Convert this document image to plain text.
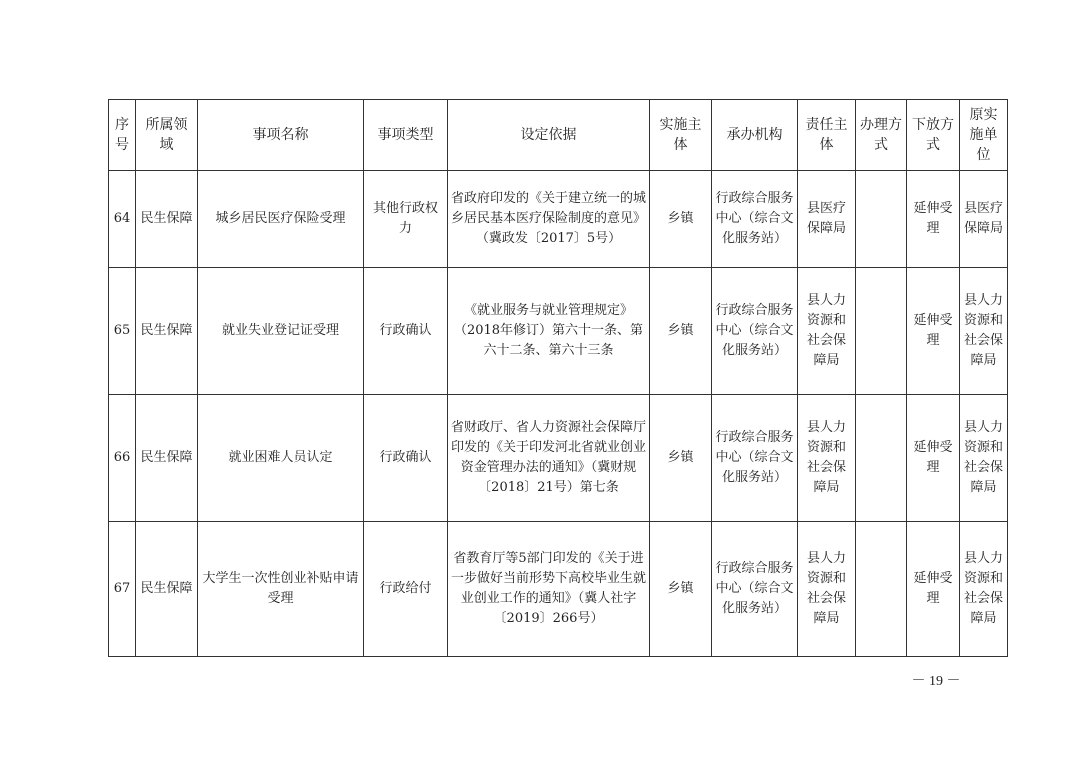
序号	所属领域	事项名称	事项类型	设定依据	实施主体	承办机构	责任主体	办理方式	下放方式	原实施单位
64	民生保障	城乡居民医疗保险受理	其他行政权力	省政府印发的《关于建立统一的城乡居民基本医疗保险制度的意见》（冀政发〔2017〕5号）	乡镇	行政综合服务中心（综合文化服务站）	县医疗保障局		延伸受理	县医疗保障局
65	民生保障	就业失业登记证受理	行政确认	《就业服务与就业管理规定》（2018年修订）第六十一条、第六十二条、第六十三条	乡镇	行政综合服务中心（综合文化服务站）	县人力资源和社会保障局		延伸受理	县人力资源和社会保障局
66	民生保障	就业困难人员认定	行政确认	省财政厅、省人力资源社会保障厅印发的《关于印发河北省就业创业资金管理办法的通知》（冀财规〔2018〕21号）第七条	乡镇	行政综合服务中心（综合文化服务站）	县人力资源和社会保障局		延伸受理	县人力资源和社会保障局
67	民生保障	大学生一次性创业补贴申请受理	行政给付	省教育厅等5部门印发的《关于进一步做好当前形势下高校毕业生就业创业工作的通知》（冀人社字〔2019〕266号）	乡镇	行政综合服务中心（综合文化服务站）	县人力资源和社会保障局		延伸受理	县人力资源和社会保障局
－ 19 －
